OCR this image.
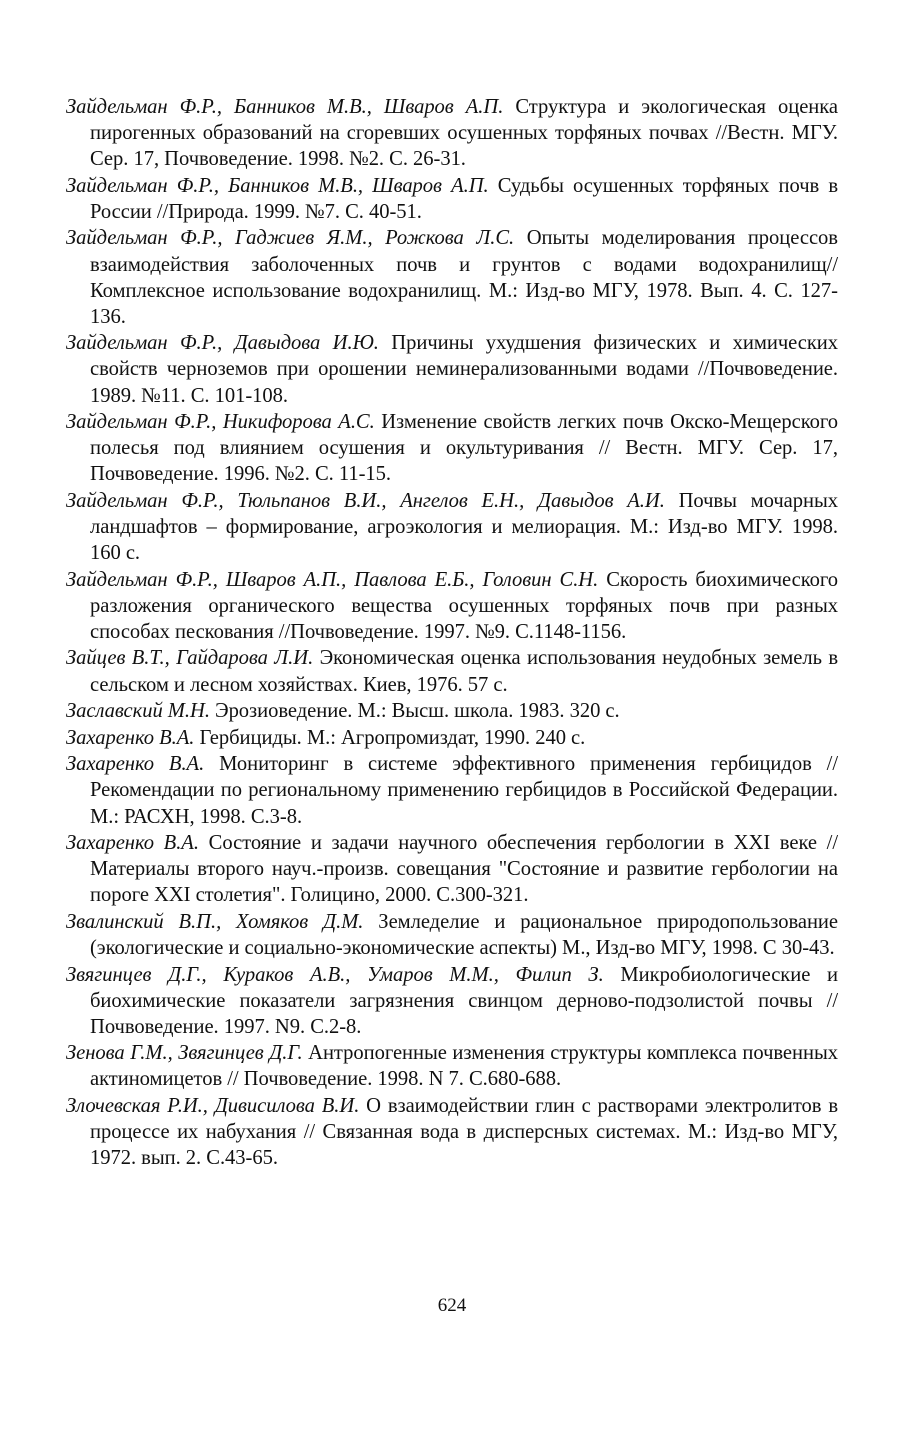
Зайдельман Ф.Р., Банников М.В., Шваров А.П. Структура и экологическая оценка пирогенных образований на сгоревших осушенных торфяных почвах //Вестн. МГУ. Сер. 17, Почвоведение. 1998. №2. С. 26-31.
Зайдельман Ф.Р., Банников М.В., Шваров А.П. Судьбы осушенных торфяных почв в России //Природа. 1999. №7. С. 40-51.
Зайдельман Ф.Р., Гаджиев Я.М., Рожкова Л.С. Опыты моделирования процессов взаимодействия заболоченных почв и грунтов с водами водохранилищ// Комплексное использование водохранилищ. М.: Изд-во МГУ, 1978. Вып. 4. С. 127-136.
Зайдельман Ф.Р., Давыдова И.Ю. Причины ухудшения физических и химических свойств черноземов при орошении неминерализованными водами //Почвоведение. 1989. №11. С. 101-108.
Зайдельман Ф.Р., Никифорова А.С. Изменение свойств легких почв Окско-Мещерского полесья под влиянием осушения и окультуривания // Вестн. МГУ. Сер. 17, Почвоведение. 1996. №2. С. 11-15.
Зайдельман Ф.Р., Тюльпанов В.И., Ангелов Е.Н., Давыдов А.И. Почвы мочарных ландшафтов – формирование, агроэкология и мелиорация. М.: Изд-во МГУ. 1998. 160 с.
Зайдельман Ф.Р., Шваров А.П., Павлова Е.Б., Головин С.Н. Скорость биохимического разложения органического вещества осушенных торфяных почв при разных способах пескования //Почвоведение. 1997. №9. С.1148-1156.
Зайцев В.Т., Гайдарова Л.И. Экономическая оценка использования неудобных земель в сельском и лесном хозяйствах. Киев, 1976. 57 с.
Заславский М.Н. Эрозиоведение. М.: Высш. школа. 1983. 320 с.
Захаренко В.А. Гербициды. М.: Агропромиздат, 1990. 240 с.
Захаренко В.А. Мониторинг в системе эффективного применения гербицидов // Рекомендации по региональному применению гербицидов в Российской Федерации. М.: РАСХН, 1998. С.3-8.
Захаренко В.А. Состояние и задачи научного обеспечения гербологии в XXI веке // Материалы второго науч.-произв. совещания "Состояние и развитие гербологии на пороге XXI столетия". Голицино, 2000. С.300-321.
Звалинский В.П., Хомяков Д.М. Земледелие и рациональное природопользование (экологические и социально-экономические аспекты) М., Изд-во МГУ, 1998. С 30-43.
Звягинцев Д.Г., Кураков А.В., Умаров М.М., Филип З. Микробиологические и биохимические показатели загрязнения свинцом дерново-подзолистой почвы // Почвоведение. 1997. N9. С.2-8.
Зенова Г.М., Звягинцев Д.Г. Антропогенные изменения структуры комплекса почвенных актиномицетов // Почвоведение. 1998. N 7. С.680-688.
Злочевская Р.И., Дивисилова В.И. О взаимодействии глин с растворами электролитов в процессе их набухания // Связанная вода в дисперсных системах. М.: Изд-во МГУ, 1972. вып. 2. С.43-65.
624
